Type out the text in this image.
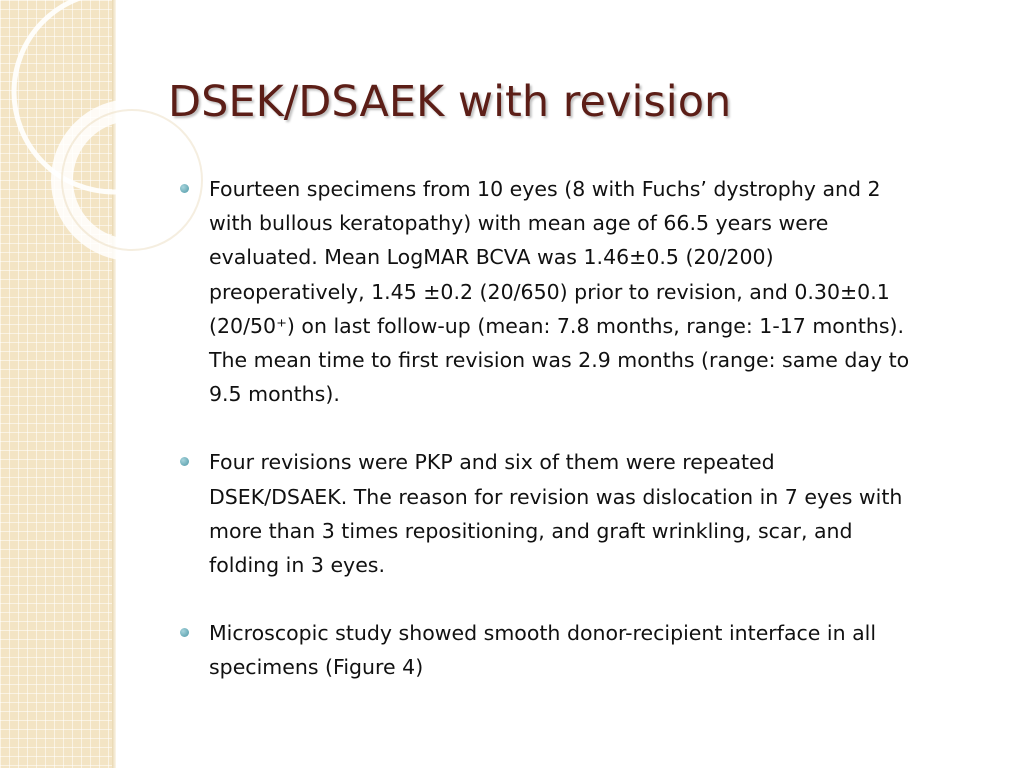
DSEK/DSAEK with revision
Fourteen specimens from 10 eyes (8 with Fuchs’ dystrophy and 2 with bullous keratopathy) with mean age of 66.5 years were evaluated. Mean LogMAR BCVA was 1.46±0.5 (20/200) preoperatively, 1.45 ±0.2 (20/650) prior to revision, and 0.30±0.1 (20/50⁺) on last follow-up (mean: 7.8 months, range: 1-17 months). The mean time to first revision was 2.9 months (range: same day to 9.5 months).
Four revisions were PKP and six of them were repeated DSEK/DSAEK. The reason for revision was dislocation in 7 eyes with more than 3 times repositioning, and graft wrinkling, scar, and folding in 3 eyes.
Microscopic study showed smooth donor-recipient interface in all specimens (Figure 4)
